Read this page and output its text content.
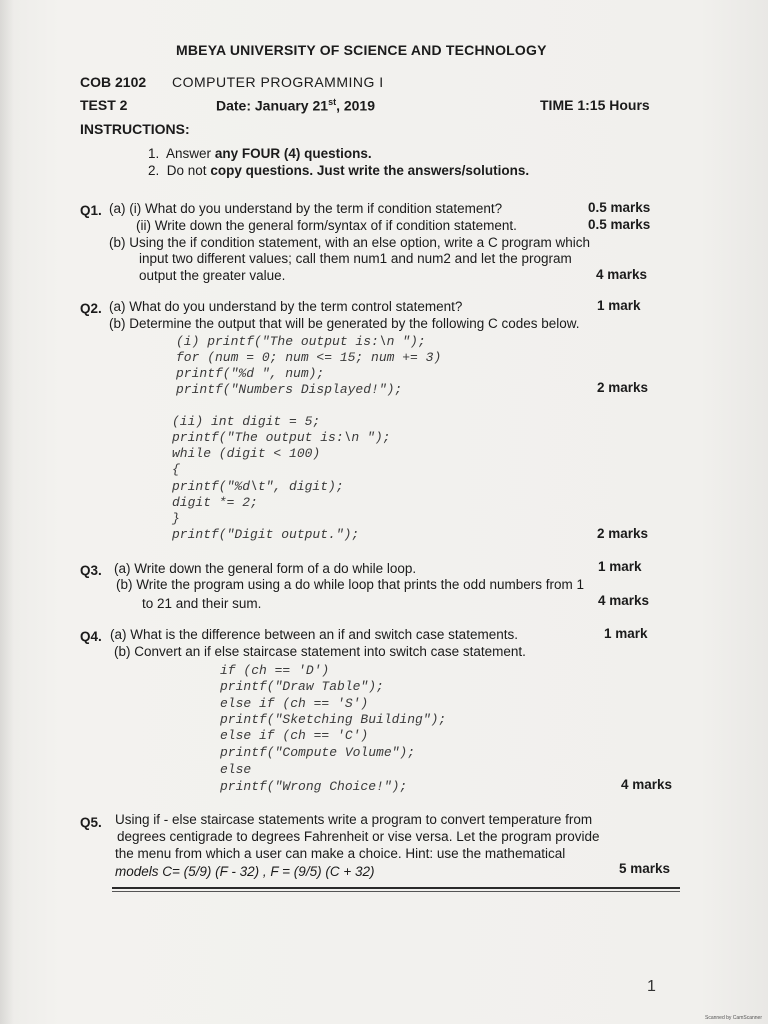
MBEYA UNIVERSITY OF SCIENCE AND TECHNOLOGY
COB 2102 COMPUTER PROGRAMMING I
TEST 2	Date: January 21st, 2019	TIME 1:15 Hours
INSTRUCTIONS:
1. Answer any FOUR (4) questions.
2. Do not copy questions. Just write the answers/solutions.
Q1. (a) (i) What do you understand by the term if condition statement?	0.5 marks
(ii) Write down the general form/syntax of if condition statement.	0.5 marks
(b) Using the if condition statement, with an else option, write a C program which
input two different values; call them num1 and num2 and let the program
output the greater value.	4 marks
Q2. (a) What do you understand by the term control statement?	1 mark
(b) Determine the output that will be generated by the following C codes below.
(i) printf("The output is:\n ");
for (num = 0; num <= 15; num += 3)
printf("%d ", num);
printf("Numbers Displayed!");	2 marks
(ii) int digit = 5;
printf("The output is:\n ");
while (digit < 100)
{
printf("%d\t", digit);
digit *= 2;
}
printf("Digit output.");	2 marks
Q3. (a) Write down the general form of a do while loop.	1 mark
(b) Write the program using a do while loop that prints the odd numbers from 1
to 21 and their sum.	4 marks
Q4. (a) What is the difference between an if and switch case statements.	1 mark
(b) Convert an if else staircase statement into switch case statement.
if (ch == 'D')
printf("Draw Table");
else if (ch == 'S')
printf("Sketching Building");
else if (ch == 'C')
printf("Compute Volume");
else
printf("Wrong Choice!");	4 marks
Q5. Using if - else staircase statements write a program to convert temperature from
degrees centigrade to degrees Fahrenheit or vise versa. Let the program provide
the menu from which a user can make a choice. Hint: use the mathematical
models C= (5/9) (F - 32) , F = (9/5) (C + 32)	5 marks
1
Scanned by CamScanner
